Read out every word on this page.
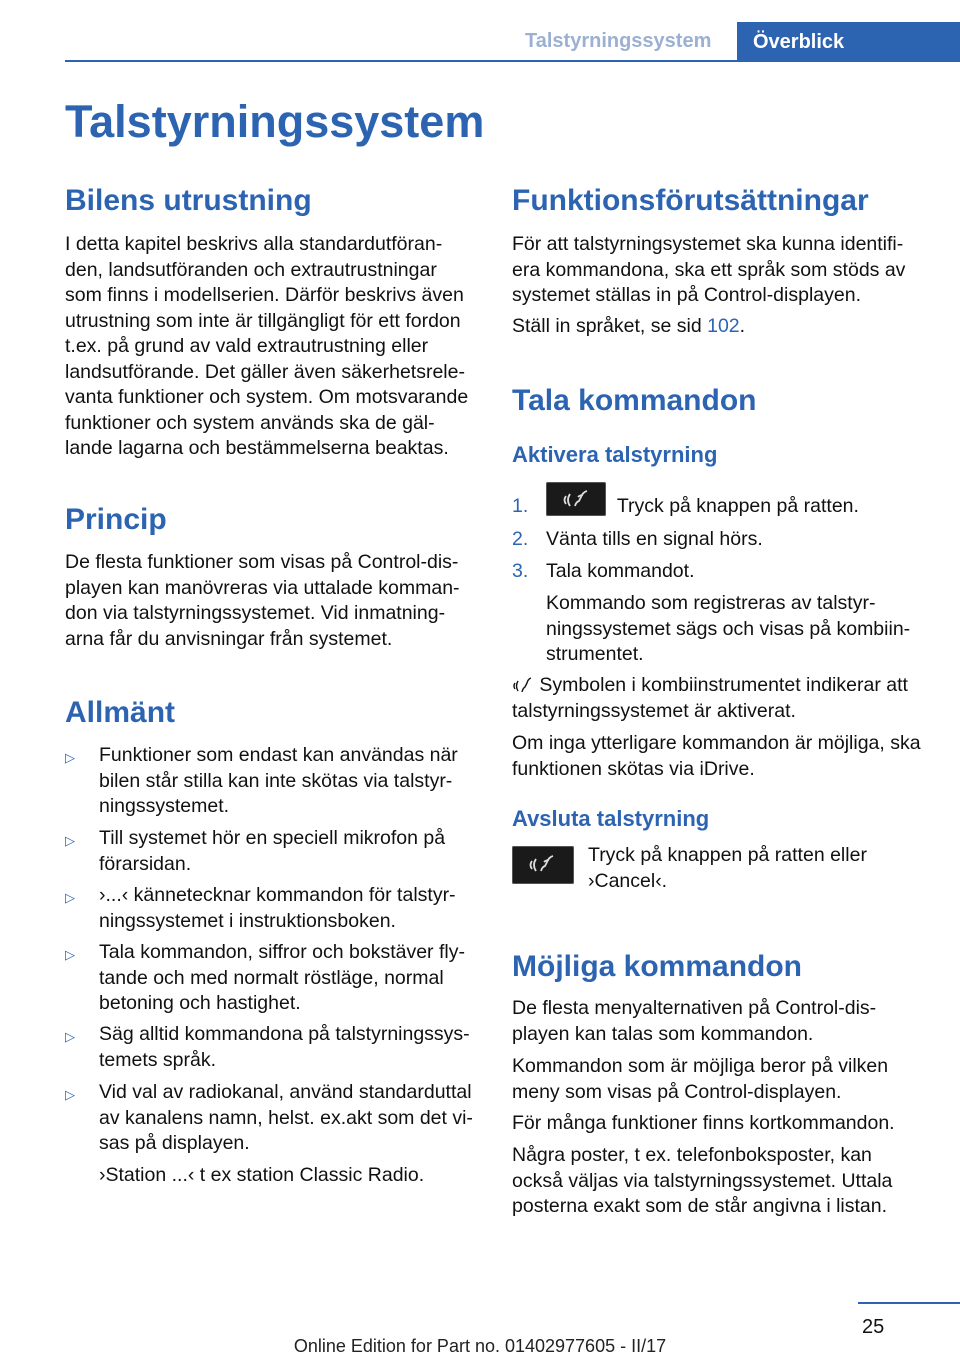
Talstyrningssystem	Överblick
Talstyrningssystem
Bilens utrustning

I detta kapitel beskrivs alla standardutföran-
den, landsutföranden och extrautrustningar
som finns i modellserien. Därför beskrivs även
utrustning som inte är tillgängligt för ett fordon
t.ex. på grund av vald extrautrustning eller
landsutförande. Det gäller även säkerhetsrele-
vanta funktioner och system. Om motsvarande
funktioner och system används ska de gäl-
lande lagarna och bestämmelserna beaktas.

Princip

De flesta funktioner som visas på Control-dis-
playen kan manövreras via uttalade komman-
don via talstyrningssystemet. Vid inmatning-
arna får du anvisningar från systemet.

Allmänt
▷ Funktioner som endast kan användas när
bilen står stilla kan inte skötas via talstyr-
ningssystemet.
▷ Till systemet hör en speciell mikrofon på
förarsidan.
▷ ›...‹ kännetecknar kommandon för talstyr-
ningssystemet i instruktionsboken.
▷ Tala kommandon, siffror och bokstäver fly-
tande och med normalt röstläge, normal
betoning och hastighet.
▷ Säg alltid kommandona på talstyrningssys-
temets språk.
▷ Vid val av radiokanal, använd standarduttal
av kanalens namn, helst. ex.akt som det vi-
sas på displayen.

›Station ...‹ t ex station Classic Radio.

Funktionsförutsättningar

För att talstyrningsystemet ska kunna identifi-
era kommandona, ska ett språk som stöds av
systemet ställas in på Control-displayen.

Ställ in språket, se sid 102.

Tala kommandon
Aktivera talstyrning
1.	Tryck på knappen på ratten.
2. Vänta tills en signal hörs.
3. Tala kommandot.

Kommando som registreras av talstyr-
ningssystemet sägs och visas på kombiin-
strumentet.

Symbolen i kombiinstrumentet indikerar att
talstyrningssystemet är aktiverat.

Om inga ytterligare kommandon är möjliga, ska
funktionen skötas via iDrive.

Avsluta talstyrning

Tryck på knappen på ratten eller
›Cancel‹.

Möjliga kommandon

De flesta menyalternativen på Control-dis-
playen kan talas som kommandon.

Kommandon som är möjliga beror på vilken
meny som visas på Control-displayen.

För många funktioner finns kortkommandon.

Några poster, t ex. telefonboksposter, kan
också väljas via talstyrningssystemet. Uttala
posterna exakt som de står angivna i listan.

25
Online Edition for Part no. 01402977605 - II/17
